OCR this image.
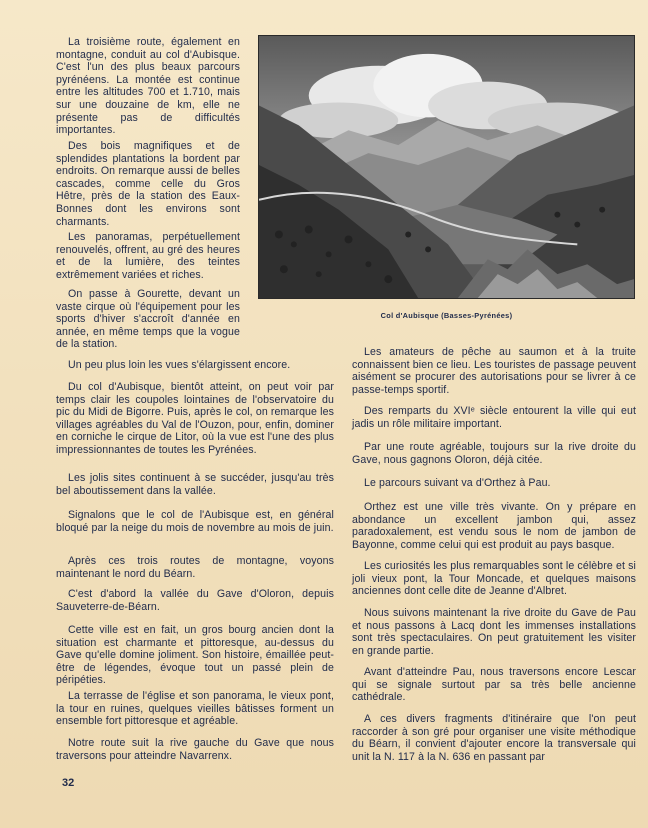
La troisième route, également en montagne, conduit au col d'Aubisque. C'est l'un des plus beaux parcours pyrénéens. La montée est continue entre les altitudes 700 et 1.710, mais sur une douzaine de km, elle ne présente pas de difficultés importantes.

Des bois magnifiques et de splendides plantations la bordent par endroits. On remarque aussi de belles cascades, comme celle du Gros Hêtre, près de la station des Eaux-Bonnes dont les environs sont charmants.

Les panoramas, perpétuellement renouvelés, offrent, au gré des heures et de la lumière, des teintes extrêmement variées et riches.

On passe à Gourette, devant un vaste cirque où l'équipement pour les sports d'hiver s'accroît d'année en année, en même temps que la vogue de la station.

Un peu plus loin les vues s'élargissent encore.

Du col d'Aubisque, bientôt atteint, on peut voir par temps clair les coupoles lointaines de l'observatoire du pic du Midi de Bigorre. Puis, après le col, on remarque les villages agréables du Val de l'Ouzon, pour, enfin, dominer en corniche le cirque de Litor, où la vue est l'une des plus impressionnantes de toutes les Pyrénées.

Les jolis sites continuent à se succéder, jusqu'au très bel aboutissement dans la vallée.

Signalons que le col de l'Aubisque est, en général bloqué par la neige du mois de novembre au mois de juin.

Après ces trois routes de montagne, voyons maintenant le nord du Béarn.

C'est d'abord la vallée du Gave d'Oloron, depuis Sauveterre-de-Béarn.

Cette ville est en fait, un gros bourg ancien dont la situation est charmante et pittoresque, au-dessus du Gave qu'elle domine joliment. Son histoire, émaillée peut-être de légendes, évoque tout un passé plein de péripéties.

La terrasse de l'église et son panorama, le vieux pont, la tour en ruines, quelques vieilles bâtisses forment un ensemble fort pittoresque et agréable.

Notre route suit la rive gauche du Gave que nous traversons pour atteindre Navarrenx.

Col d'Aubisque (Basses-Pyrénées)

Les amateurs de pêche au saumon et à la truite connaissent bien ce lieu. Les touristes de passage peuvent aisément se procurer des autorisations pour se livrer à ce passe-temps sportif.

Des remparts du XVIᵉ siècle entourent la ville qui eut jadis un rôle militaire important.

Par une route agréable, toujours sur la rive droite du Gave, nous gagnons Oloron, déjà citée.

Le parcours suivant va d'Orthez à Pau.

Orthez est une ville très vivante. On y prépare en abondance un excellent jambon qui, assez paradoxalement, est vendu sous le nom de jambon de Bayonne, comme celui qui est produit au pays basque.

Les curiosités les plus remarquables sont le célèbre et si joli vieux pont, la Tour Moncade, et quelques maisons anciennes dont celle dite de Jeanne d'Albret.

Nous suivons maintenant la rive droite du Gave de Pau et nous passons à Lacq dont les immenses installations sont très spectaculaires. On peut gratuitement les visiter en grande partie.

Avant d'atteindre Pau, nous traversons encore Lescar qui se signale surtout par sa très belle ancienne cathédrale.

A ces divers fragments d'itinéraire que l'on peut raccorder à son gré pour organiser une visite méthodique du Béarn, il convient d'ajouter encore la transversale qui unit la N. 117 à la N. 636 en passant par

32
